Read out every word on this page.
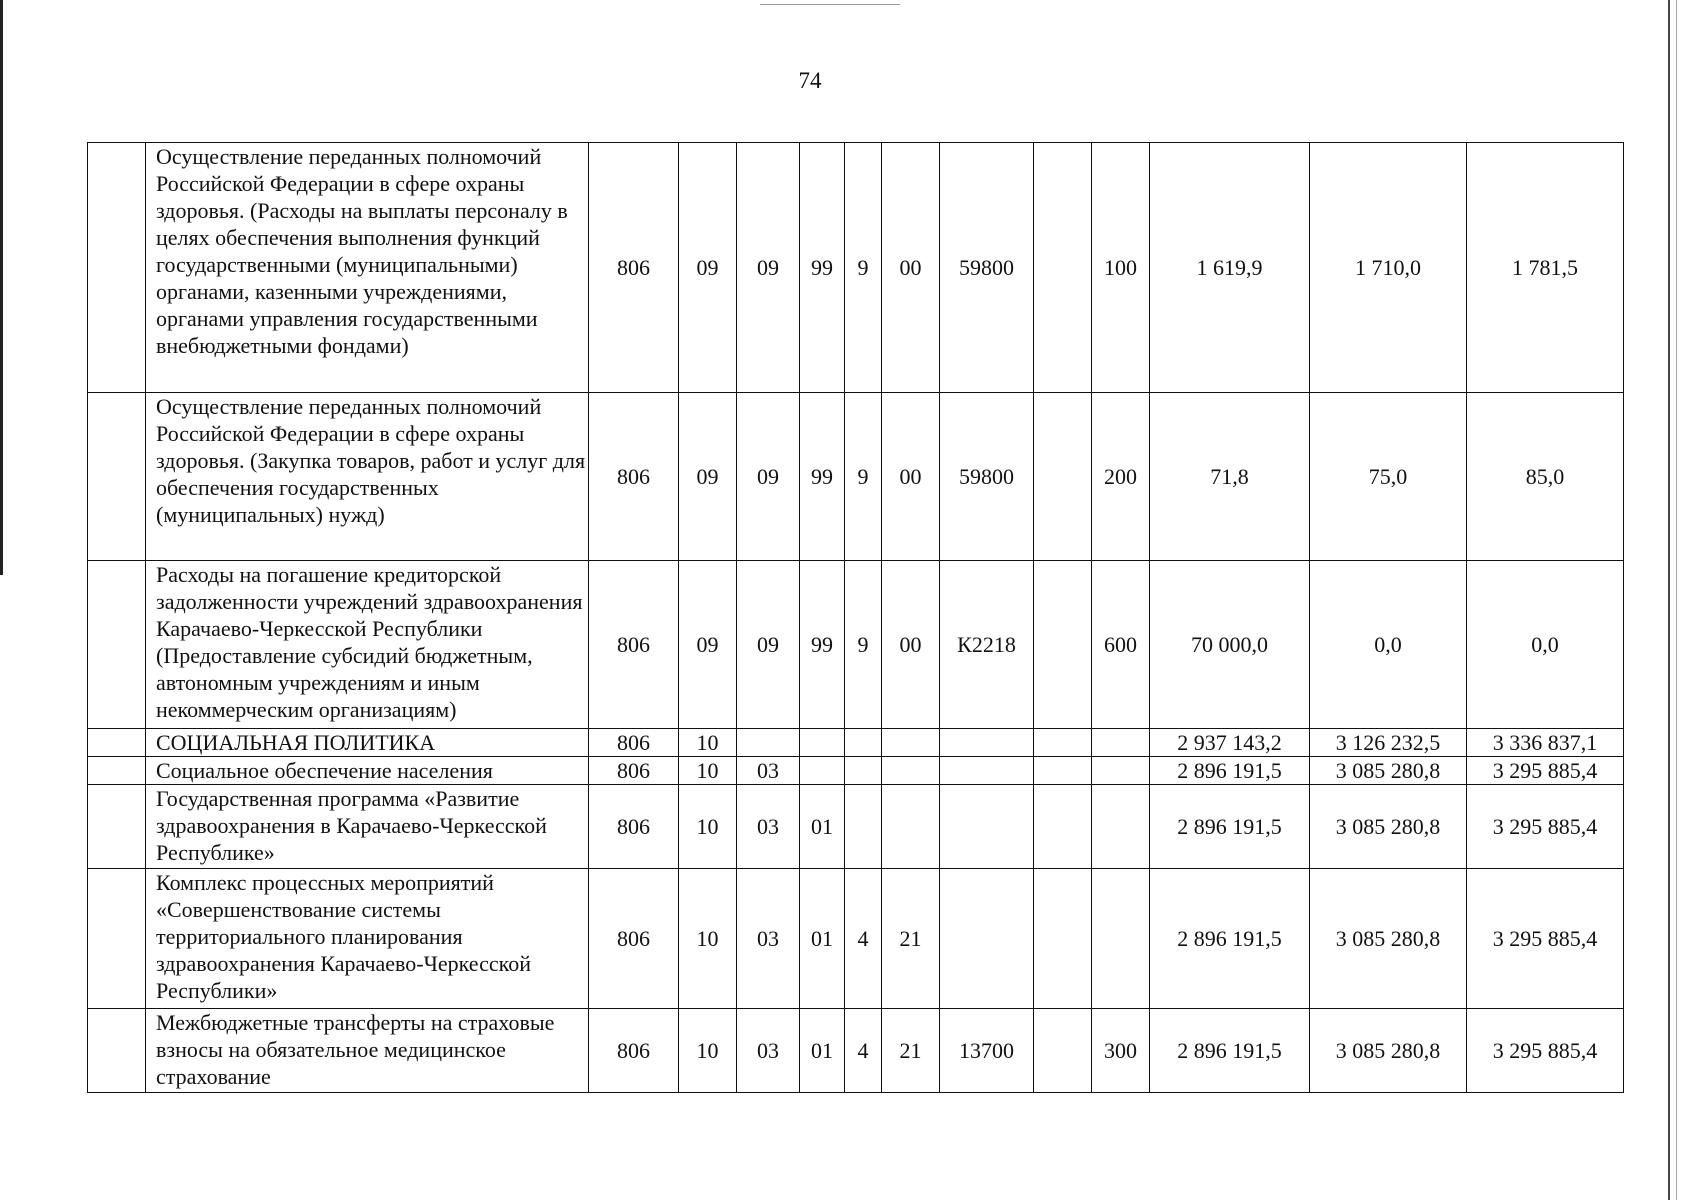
74
	Осуществление переданных полномочий Российской Федерации в сфере охраны здоровья. (Расходы на выплаты персоналу в целях обеспечения выполнения функций государственными (муниципальными) органами, казенными учреждениями, органами управления государственными внебюджетными фондами)	806	09	09	99	9	00	59800		100	1 619,9	1 710,0	1 781,5
	Осуществление переданных полномочий Российской Федерации в сфере охраны здоровья. (Закупка товаров, работ и услуг для обеспечения государственных (муниципальных) нужд)	806	09	09	99	9	00	59800		200	71,8	75,0	85,0
	Расходы на погашение кредиторской задолженности учреждений здравоохранения Карачаево-Черкесской Республики (Предоставление субсидий бюджетным, автономным учреждениям и иным некоммерческим организациям)	806	09	09	99	9	00	К2218		600	70 000,0	0,0	0,0
	СОЦИАЛЬНАЯ ПОЛИТИКА	806	10								2 937 143,2	3 126 232,5	3 336 837,1
	Социальное обеспечение населения	806	10	03							2 896 191,5	3 085 280,8	3 295 885,4
	Государственная программа «Развитие здравоохранения в Карачаево-Черкесской Республике»	806	10	03	01						2 896 191,5	3 085 280,8	3 295 885,4
	Комплекс процессных мероприятий «Совершенствование системы территориального планирования здравоохранения Карачаево-Черкесской Республики»	806	10	03	01	4	21				2 896 191,5	3 085 280,8	3 295 885,4
	Межбюджетные трансферты на страховые взносы на обязательное медицинское страхование	806	10	03	01	4	21	13700		300	2 896 191,5	3 085 280,8	3 295 885,4
